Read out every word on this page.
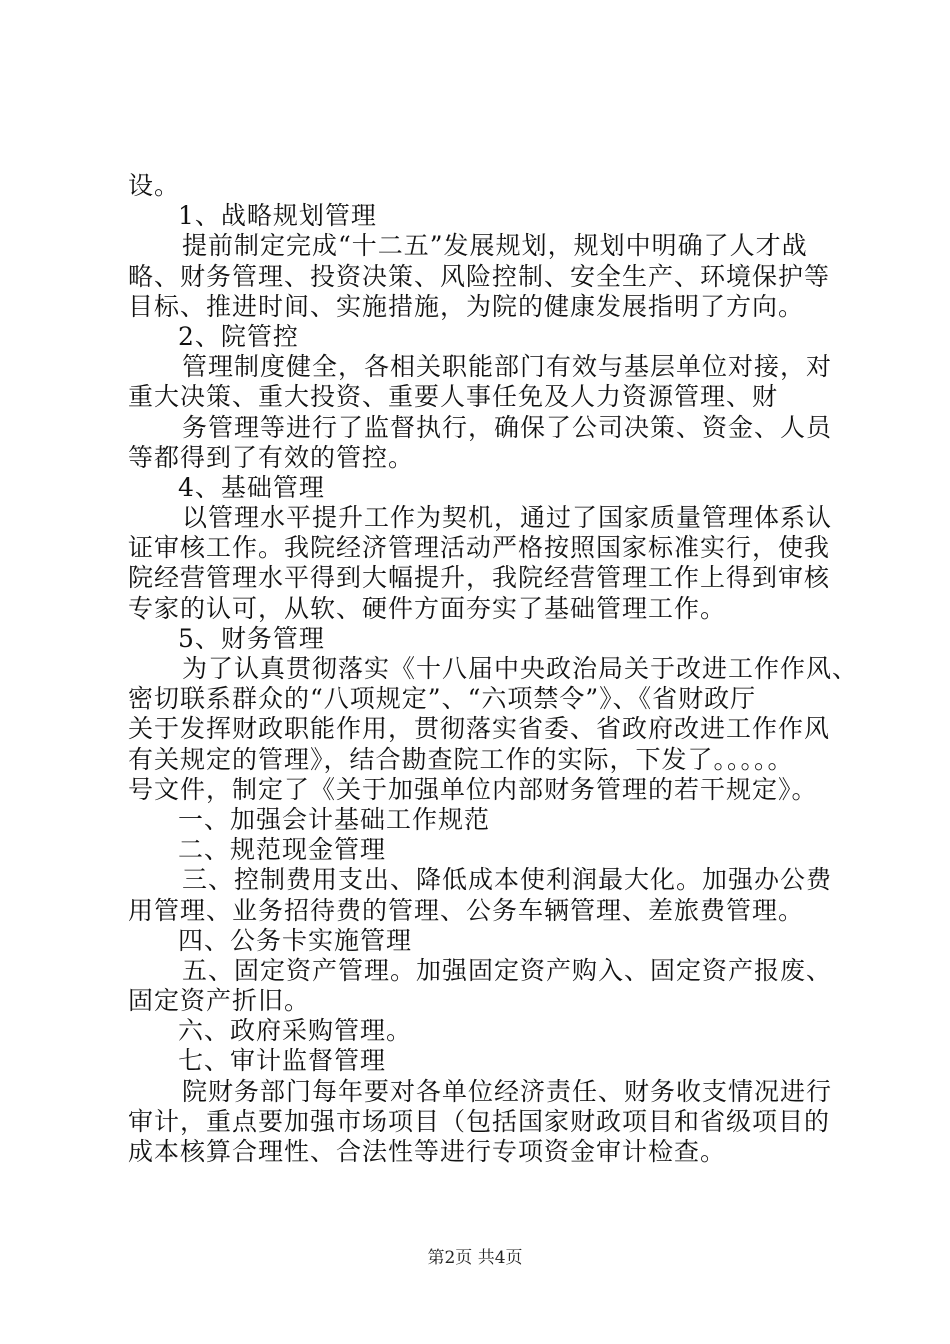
设。
1、战略规划管理
提前制定完成“十二五”发展规划，规划中明确了人才战
略、财务管理、投资决策、风险控制、安全生产、环境保护等
目标、推进时间、实施措施，为院的健康发展指明了方向。
2、院管控
管理制度健全，各相关职能部门有效与基层单位对接，对
重大决策、重大投资、重要人事任免及人力资源管理、财
务管理等进行了监督执行，确保了公司决策、资金、人员
等都得到了有效的管控。
4、基础管理
以管理水平提升工作为契机，通过了国家质量管理体系认
证审核工作。我院经济管理活动严格按照国家标准实行，使我
院经营管理水平得到大幅提升，我院经营管理工作上得到审核
专家的认可，从软、硬件方面夯实了基础管理工作。
5、财务管理
为了认真贯彻落实《十八届中央政治局关于改进工作作风、
密切联系群众的“八项规定”、“六项禁令”》、《省财政厅
关于发挥财政职能作用，贯彻落实省委、省政府改进工作作风
有关规定的管理》，结合勘查院工作的实际，下发了。。。。。
号文件，制定了《关于加强单位内部财务管理的若干规定》。
一、加强会计基础工作规范
二、规范现金管理
三、控制费用支出、降低成本使利润最大化。加强办公费
用管理、业务招待费的管理、公务车辆管理、差旅费管理。
四、公务卡实施管理
五、固定资产管理。加强固定资产购入、固定资产报废、
固定资产折旧。
六、政府采购管理。
七、审计监督管理
院财务部门每年要对各单位经济责任、财务收支情况进行
审计，重点要加强市场项目（包括国家财政项目和省级项目的
成本核算合理性、合法性等进行专项资金审计检查。
第2页 共4页
